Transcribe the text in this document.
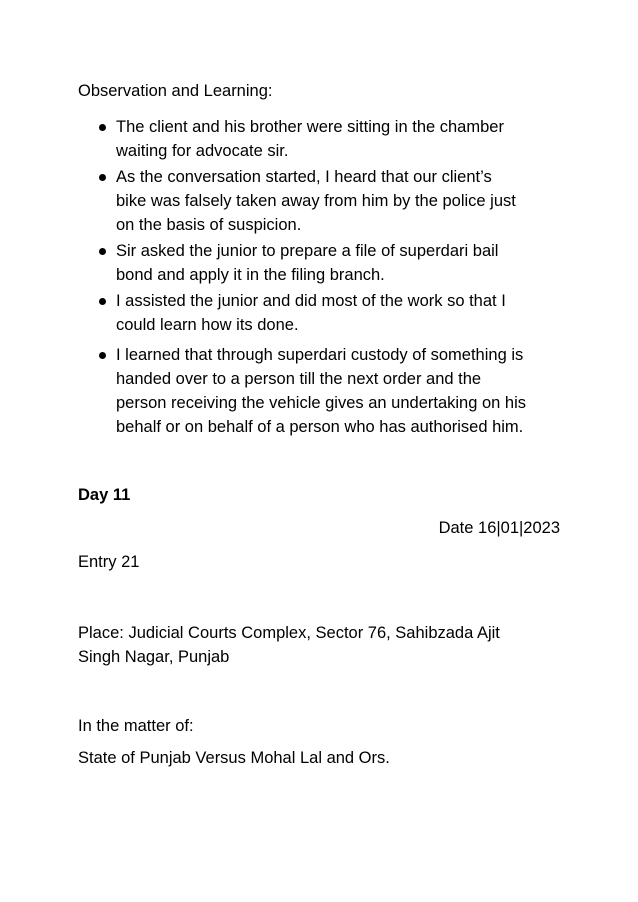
Observation and Learning:
The client and his brother were sitting in the chamber
waiting for advocate sir.
As the conversation started, I heard that our client’s
bike was falsely taken away from him by the police just
on the basis of suspicion.
Sir asked the junior to prepare a file of superdari bail
bond and apply it in the filing branch.
I assisted the junior and did most of the work so that I
could learn how its done.
I learned that through superdari custody of something is
handed over to a person till the next order and the
person receiving the vehicle gives an undertaking on his
behalf or on behalf of a person who has authorised him.
Day 11
Date 16|01|2023
Entry 21
Place: Judicial Courts Complex, Sector 76, Sahibzada Ajit
Singh Nagar, Punjab
In the matter of:
State of Punjab Versus Mohal Lal and Ors.
